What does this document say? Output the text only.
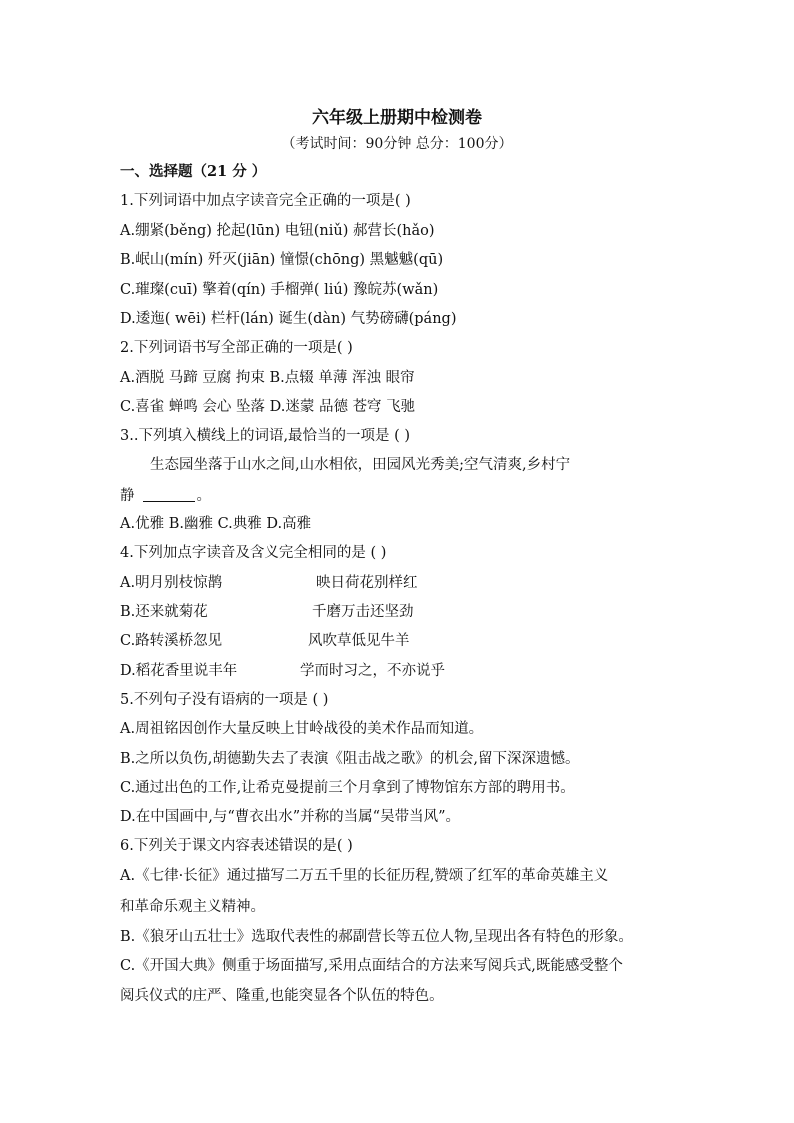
六年级上册期中检测卷
（考试时间：90分钟 总分：100分）
一、选择题（21 分 ）
1.下列词语中加点字读音完全正确的一项是( )
A.绷紧(běng) 抡起(lūn) 电钮(niǔ) 郝营长(hǎo)
B.岷山(mín) 歼灭(jiān) 憧憬(chōng) 黑魆魆(qū)
C.璀璨(cuī) 擎着(qín) 手榴弹( liú) 豫皖苏(wǎn)
D.逶迤( wēi) 栏杆(lán) 诞生(dàn) 气势磅礴(páng)
2.下列词语书写全部正确的一项是( )
A.酒脱 马蹄 豆腐 拘束 B.点辍 单薄 浑浊 眼帘
C.喜雀 蝉鸣 会心 坠落 D.迷蒙 品德 苍穹 飞驰
3..下列填入横线上的词语,最恰当的一项是 ( )
生态园坐落于山水之间,山水相依，田园风光秀美;空气清爽,乡村宁
静	。
A.优雅 B.幽雅 C.典雅 D.高雅
4.下列加点字读音及含义完全相同的是 ( )
A.明月别枝惊鹊	映日荷花别样红
B.还来就菊花	千磨万击还坚劲
C.路转溪桥忽见	风吹草低见牛羊
D.稻花香里说丰年	学而时习之，不亦说乎
5.不列句子没有语病的一项是 ( )
A.周祖铭因创作大量反映上甘岭战役的美术作品而知道。
B.之所以负伤,胡德勤失去了表演《阻击战之歌》的机会,留下深深遗憾。
C.通过出色的工作,让希克曼提前三个月拿到了博物馆东方部的聘用书。
D.在中国画中,与“曹衣出水”并称的当属“吴带当风”。
6.下列关于课文内容表述错误的是( )
A.《七律·长征》通过描写二万五千里的长征历程,赞颂了红军的革命英雄主义
和革命乐观主义精神。
B.《狼牙山五壮士》选取代表性的郝副营长等五位人物,呈现出各有特色的形象。
C.《开国大典》侧重于场面描写,采用点面结合的方法来写阅兵式,既能感受整个
阅兵仪式的庄严、隆重,也能突显各个队伍的特色。
